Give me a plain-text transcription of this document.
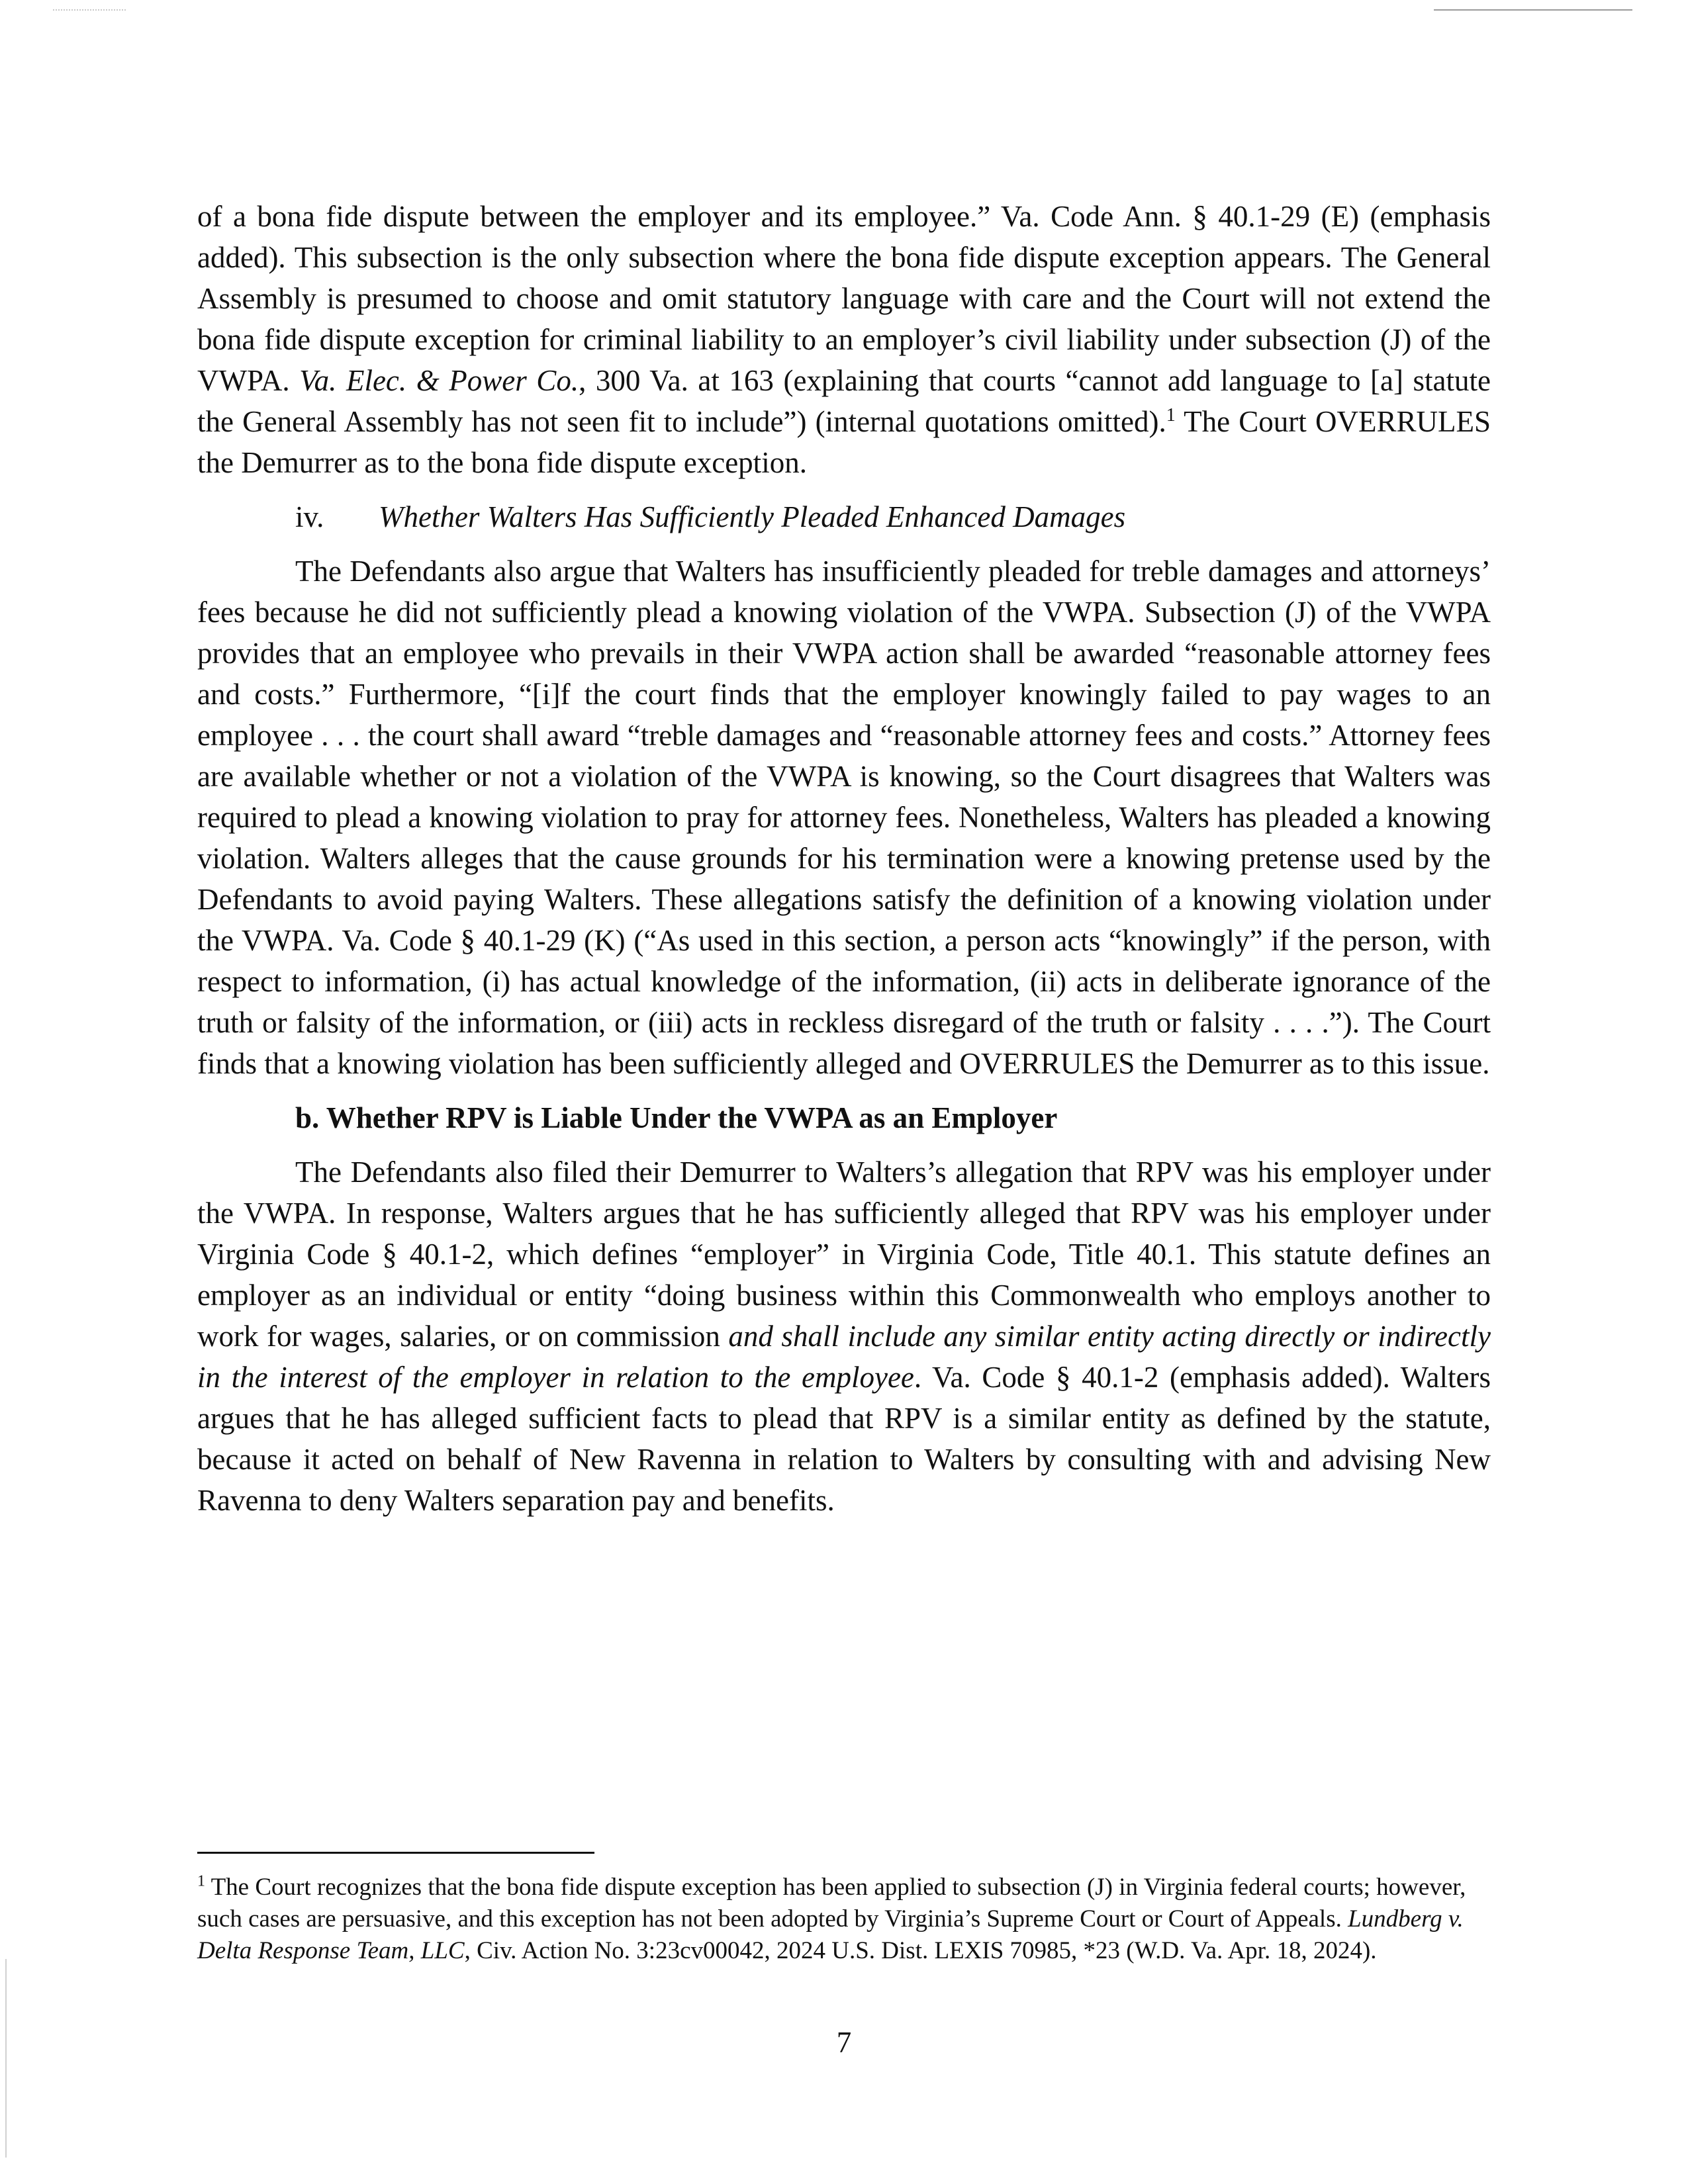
of a bona fide dispute between the employer and its employee.” Va. Code Ann. § 40.1-29 (E) (emphasis added). This subsection is the only subsection where the bona fide dispute exception appears. The General Assembly is presumed to choose and omit statutory language with care and the Court will not extend the bona fide dispute exception for criminal liability to an employer’s civil liability under subsection (J) of the VWPA. Va. Elec. & Power Co., 300 Va. at 163 (explaining that courts “cannot add language to [a] statute the General Assembly has not seen fit to include”) (internal quotations omitted).$^1$ The Court OVERRULES the Demurrer as to the bona fide dispute exception.

iv. Whether Walters Has Sufficiently Pleaded Enhanced Damages

The Defendants also argue that Walters has insufficiently pleaded for treble damages and attorneys’ fees because he did not sufficiently plead a knowing violation of the VWPA. Subsection (J) of the VWPA provides that an employee who prevails in their VWPA action shall be awarded “reasonable attorney fees and costs.” Furthermore, “[i]f the court finds that the employer knowingly failed to pay wages to an employee . . . the court shall award “treble damages and “reasonable attorney fees and costs.” Attorney fees are available whether or not a violation of the VWPA is knowing, so the Court disagrees that Walters was required to plead a knowing violation to pray for attorney fees. Nonetheless, Walters has pleaded a knowing violation. Walters alleges that the cause grounds for his termination were a knowing pretense used by the Defendants to avoid paying Walters. These allegations satisfy the definition of a knowing violation under the VWPA. Va. Code § 40.1-29 (K) (“As used in this section, a person acts “knowingly” if the person, with respect to information, (i) has actual knowledge of the information, (ii) acts in deliberate ignorance of the truth or falsity of the information, or (iii) acts in reckless disregard of the truth or falsity . . . .”). The Court finds that a knowing violation has been sufficiently alleged and OVERRULES the Demurrer as to this issue.

b. Whether RPV is Liable Under the VWPA as an Employer

The Defendants also filed their Demurrer to Walters’s allegation that RPV was his employer under the VWPA. In response, Walters argues that he has sufficiently alleged that RPV was his employer under Virginia Code § 40.1-2, which defines “employer” in Virginia Code, Title 40.1. This statute defines an employer as an individual or entity “doing business within this Commonwealth who employs another to work for wages, salaries, or on commission and shall include any similar entity acting directly or indirectly in the interest of the employer in relation to the employee. Va. Code § 40.1-2 (emphasis added). Walters argues that he has alleged sufficient facts to plead that RPV is a similar entity as defined by the statute, because it acted on behalf of New Ravenna in relation to Walters by consulting with and advising New Ravenna to deny Walters separation pay and benefits.

$^1$ The Court recognizes that the bona fide dispute exception has been applied to subsection (J) in Virginia federal courts; however, such cases are persuasive, and this exception has not been adopted by Virginia’s Supreme Court or Court of Appeals. Lundberg v. Delta Response Team, LLC, Civ. Action No. 3:23cv00042, 2024 U.S. Dist. LEXIS 70985, *23 (W.D. Va. Apr. 18, 2024).

7
